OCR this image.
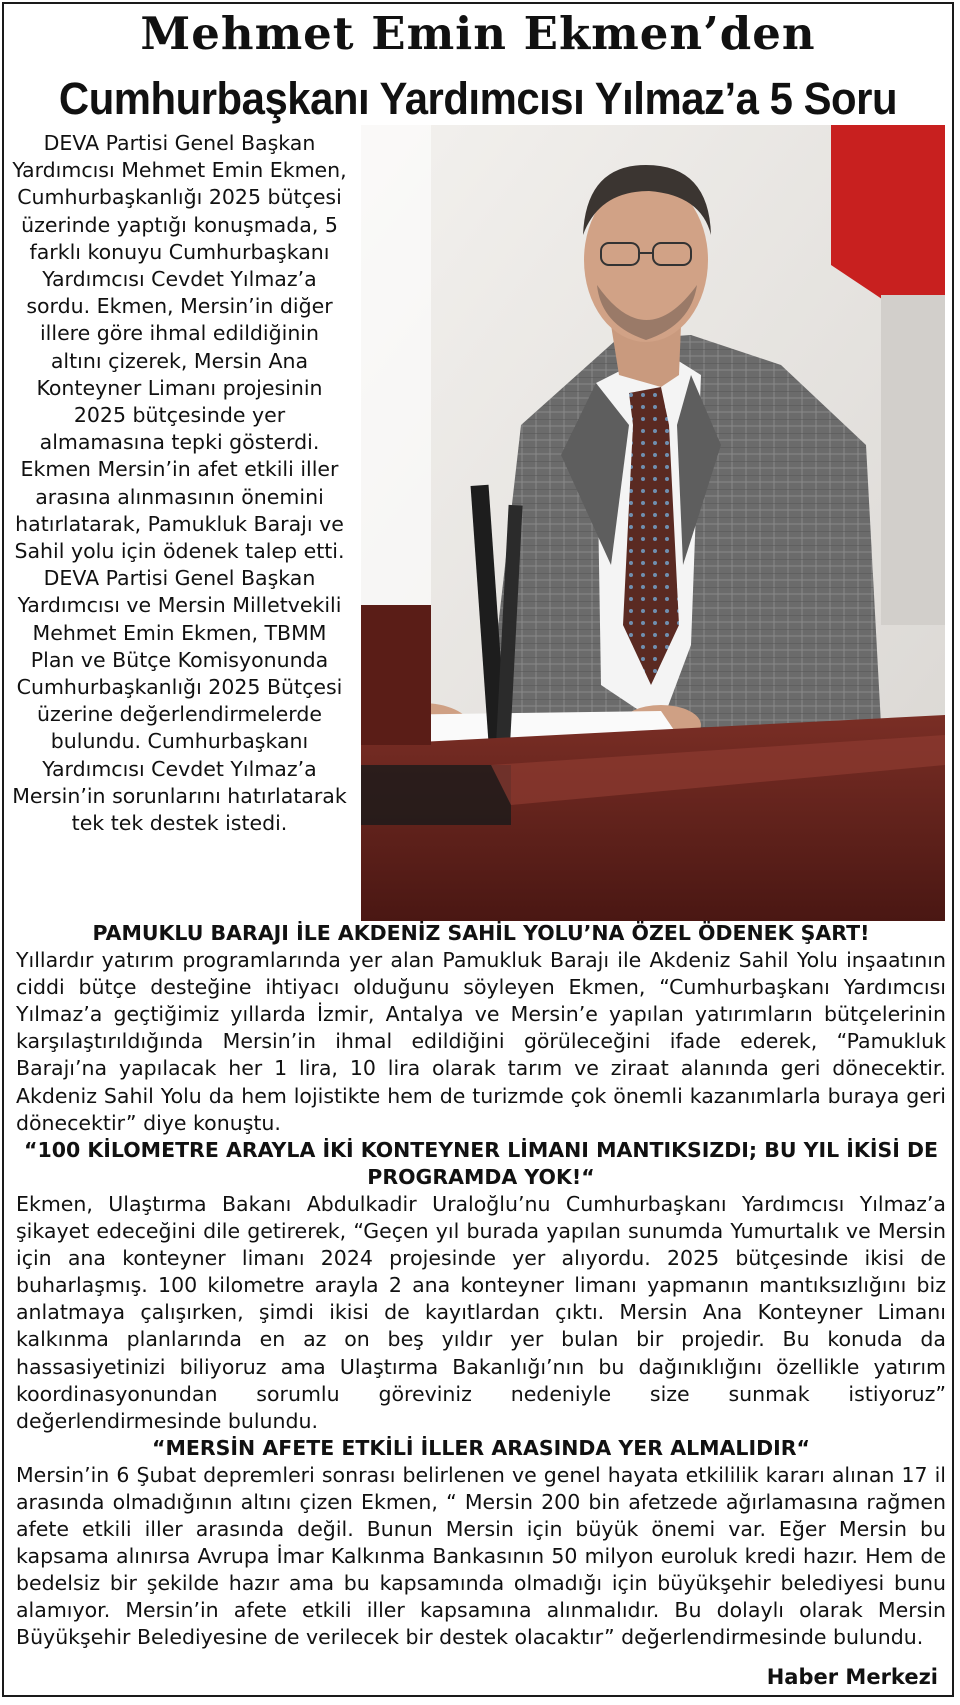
Mehmet Emin Ekmen’den
Cumhurbaşkanı Yardımcısı Yılmaz’a 5 Soru

DEVA Partisi Genel Başkan Yardımcısı Mehmet Emin Ekmen, Cumhurbaşkanlığı 2025 bütçesi üzerinde yaptığı konuşmada, 5 farklı konuyu Cumhurbaşkanı Yardımcısı Cevdet Yılmaz’a sordu. Ekmen, Mersin’in diğer illere göre ihmal edildiğinin altını çizerek, Mersin Ana Konteyner Limanı projesinin 2025 bütçesinde yer almamasına tepki gösterdi. Ekmen Mersin’in afet etkili iller arasına alınmasının önemini hatırlatarak, Pamukluk Barajı ve Sahil yolu için ödenek talep etti. DEVA Partisi Genel Başkan Yardımcısı ve Mersin Milletvekili Mehmet Emin Ekmen, TBMM Plan ve Bütçe Komisyonunda Cumhurbaşkanlığı 2025 Bütçesi üzerine değerlendirmelerde bulundu. Cumhurbaşkanı Yardımcısı Cevdet Yılmaz’a Mersin’in sorunlarını hatırlatarak tek tek destek istedi.

PAMUKLU BARAJI İLE AKDENİZ SAHİL YOLU’NA ÖZEL ÖDENEK ŞART!

Yıllardır yatırım programlarında yer alan Pamukluk Barajı ile Akdeniz Sahil Yolu inşaatının ciddi bütçe desteğine ihtiyacı olduğunu söyleyen Ekmen, “Cumhurbaşkanı Yardımcısı Yılmaz’a geçtiğimiz yıllarda İzmir, Antalya ve Mersin’e yapılan yatırımların bütçelerinin karşılaştırıldığında Mersin’in ihmal edildiğini görüleceğini ifade ederek, “Pamukluk Barajı’na yapılacak her 1 lira, 10 lira olarak tarım ve ziraat alanında geri dönecektir. Akdeniz Sahil Yolu da hem lojistikte hem de turizmde çok önemli kazanımlarla buraya geri dönecektir” diye konuştu.

“100 KİLOMETRE ARAYLA İKİ KONTEYNER LİMANI MANTIKSIZDI; BU YIL İKİSİ DE PROGRAMDA YOK!“

Ekmen, Ulaştırma Bakanı Abdulkadir Uraloğlu’nu Cumhurbaşkanı Yardımcısı Yılmaz’a şikayet edeceğini dile getirerek, “Geçen yıl burada yapılan sunumda Yumurtalık ve Mersin için ana konteyner limanı 2024 projesinde yer alıyordu. 2025 bütçesinde ikisi de buharlaşmış. 100 kilometre arayla 2 ana konteyner limanı yapmanın mantıksızlığını biz anlatmaya çalışırken, şimdi ikisi de kayıtlardan çıktı. Mersin Ana Konteyner Limanı kalkınma planlarında en az on beş yıldır yer bulan bir projedir. Bu konuda da hassasiyetinizi biliyoruz ama Ulaştırma Bakanlığı’nın bu dağınıklığını özellikle yatırım koordinasyonundan sorumlu göreviniz nedeniyle size sunmak istiyoruz” değerlendirmesinde bulundu.

“MERSİN AFETE ETKİLİ İLLER ARASINDA YER ALMALIDIR“

Mersin’in 6 Şubat depremleri sonrası belirlenen ve genel hayata etkililik kararı alınan 17 il arasında olmadığının altını çizen Ekmen, “ Mersin 200 bin afetzede ağırlamasına rağmen afete etkili iller arasında değil. Bunun Mersin için büyük önemi var. Eğer Mersin bu kapsama alınırsa Avrupa İmar Kalkınma Bankasının 50 milyon euroluk kredi hazır. Hem de bedelsiz bir şekilde hazır ama bu kapsamında olmadığı için büyükşehir belediyesi bunu alamıyor. Mersin’in afete etkili iller kapsamına alınmalıdır. Bu dolaylı olarak Mersin Büyükşehir Belediyesine de verilecek bir destek olacaktır” değerlendirmesinde bulundu.

Haber Merkezi
